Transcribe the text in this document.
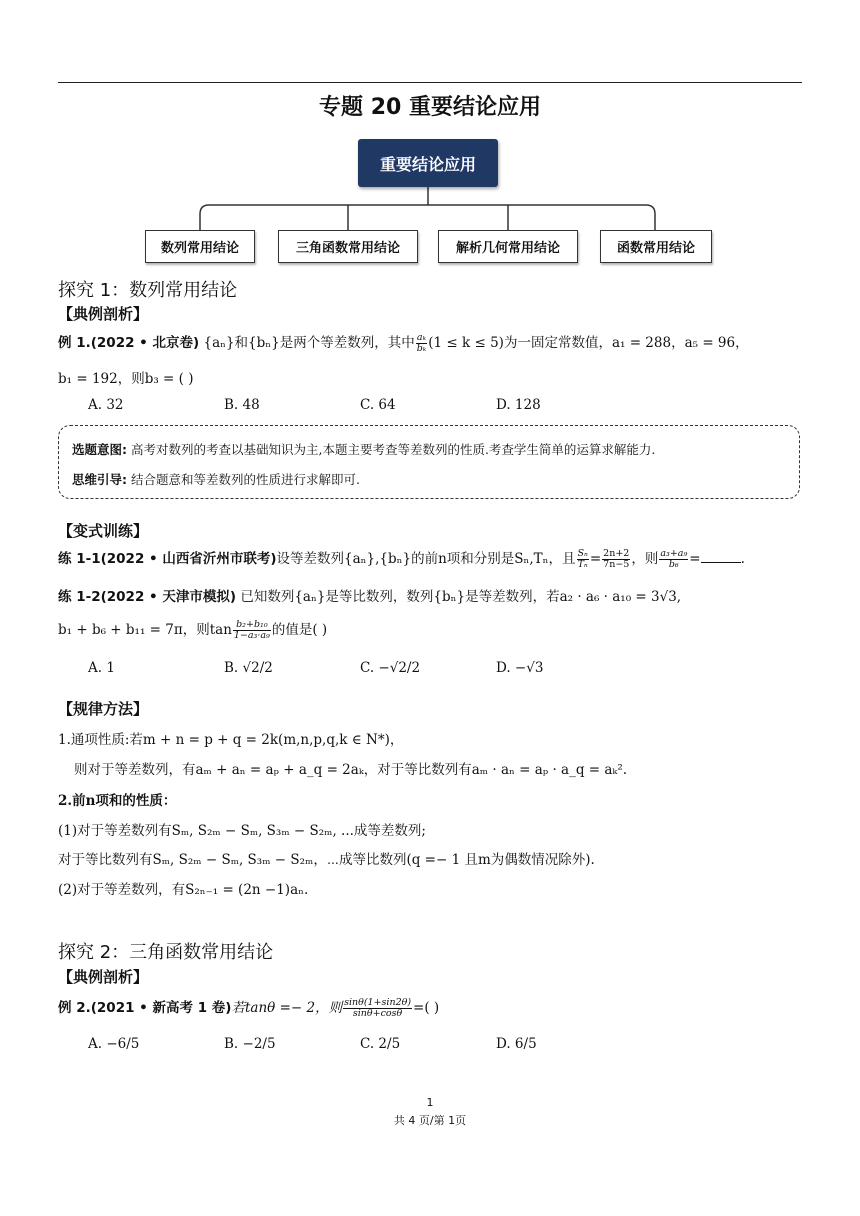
专题 20 重要结论应用
重要结论应用
数列常用结论	三角函数常用结论	解析几何常用结论	函数常用结论
探究 1：数列常用结论
【典例剖析】
例 1.(2022 • 北京卷) {aₙ}和{bₙ}是两个等差数列，其中 $\frac{\text{aₖ}}{\text{bₖ}} (1 \le k \le 5)$为一固定常数值，a₁ = 288，a₅ = 96，
b₁ = 192，则b₃ = ( )
A. 32	B. 48	C. 64	D. 128
选题意图: 高考对数列的考查以基础知识为主,本题主要考查等差数列的性质.考查学生简单的运算求解能力.
思维引导: 结合题意和等差数列的性质进行求解即可.
【变式训练】
练 1-1(2022 • 山西省沂州市联考)设等差数列{aₙ},{bₙ}的前n项和分别是Sₙ,Tₙ，且 $\frac{\text{Sₙ}}{\text{Tₙ}} = \frac{2n+2}{7n-5}$ ，则 $\frac{\text{a₃+a₉}}{\text{b₆}}$ =	.
练 1-2(2022 • 天津市模拟) 已知数列{aₙ}是等比数列，数列{bₙ}是等差数列，若a₂ · a₆ · a₁₀ = 3√3,
b₁ + b₆ + b₁₁ = 7π，则$\tan \frac{\text{b₂+b₁₀}}{\text{1−a₃·a₉}}$ 的值是( )
A. 1	B. √2/2	C. −√2/2	D. −√3
【规律方法】
1.通项性质:若m + n = p + q = 2k(m,n,p,q,k ∈ N*)，
则对于等差数列，有aₘ + aₙ = aₚ + a_q = 2aₖ，对于等比数列有aₘ · aₙ = aₚ · a_q = aₖ².
2.前n项和的性质：
(1)对于等差数列有Sₘ, S₂ₘ − Sₘ, S₃ₘ − S₂ₘ, ...成等差数列;
对于等比数列有Sₘ, S₂ₘ − Sₘ, S₃ₘ − S₂ₘ，⋯成等比数列(q =− 1 且m为偶数情况除外).
(2)对于等差数列，有S₂ₙ₋₁ = (2n −1)aₙ.
探究 2：三角函数常用结论
【典例剖析】
例 2.(2021 • 新高考 1 卷)若tanθ =− 2，则 $\frac{\sin\theta(1+\sin 2\theta)}{\sin\theta+\cos\theta}$ =( )
A. −6/5	B. −2/5	C. 2/5	D. 6/5
1
共 4 页/第 1页
